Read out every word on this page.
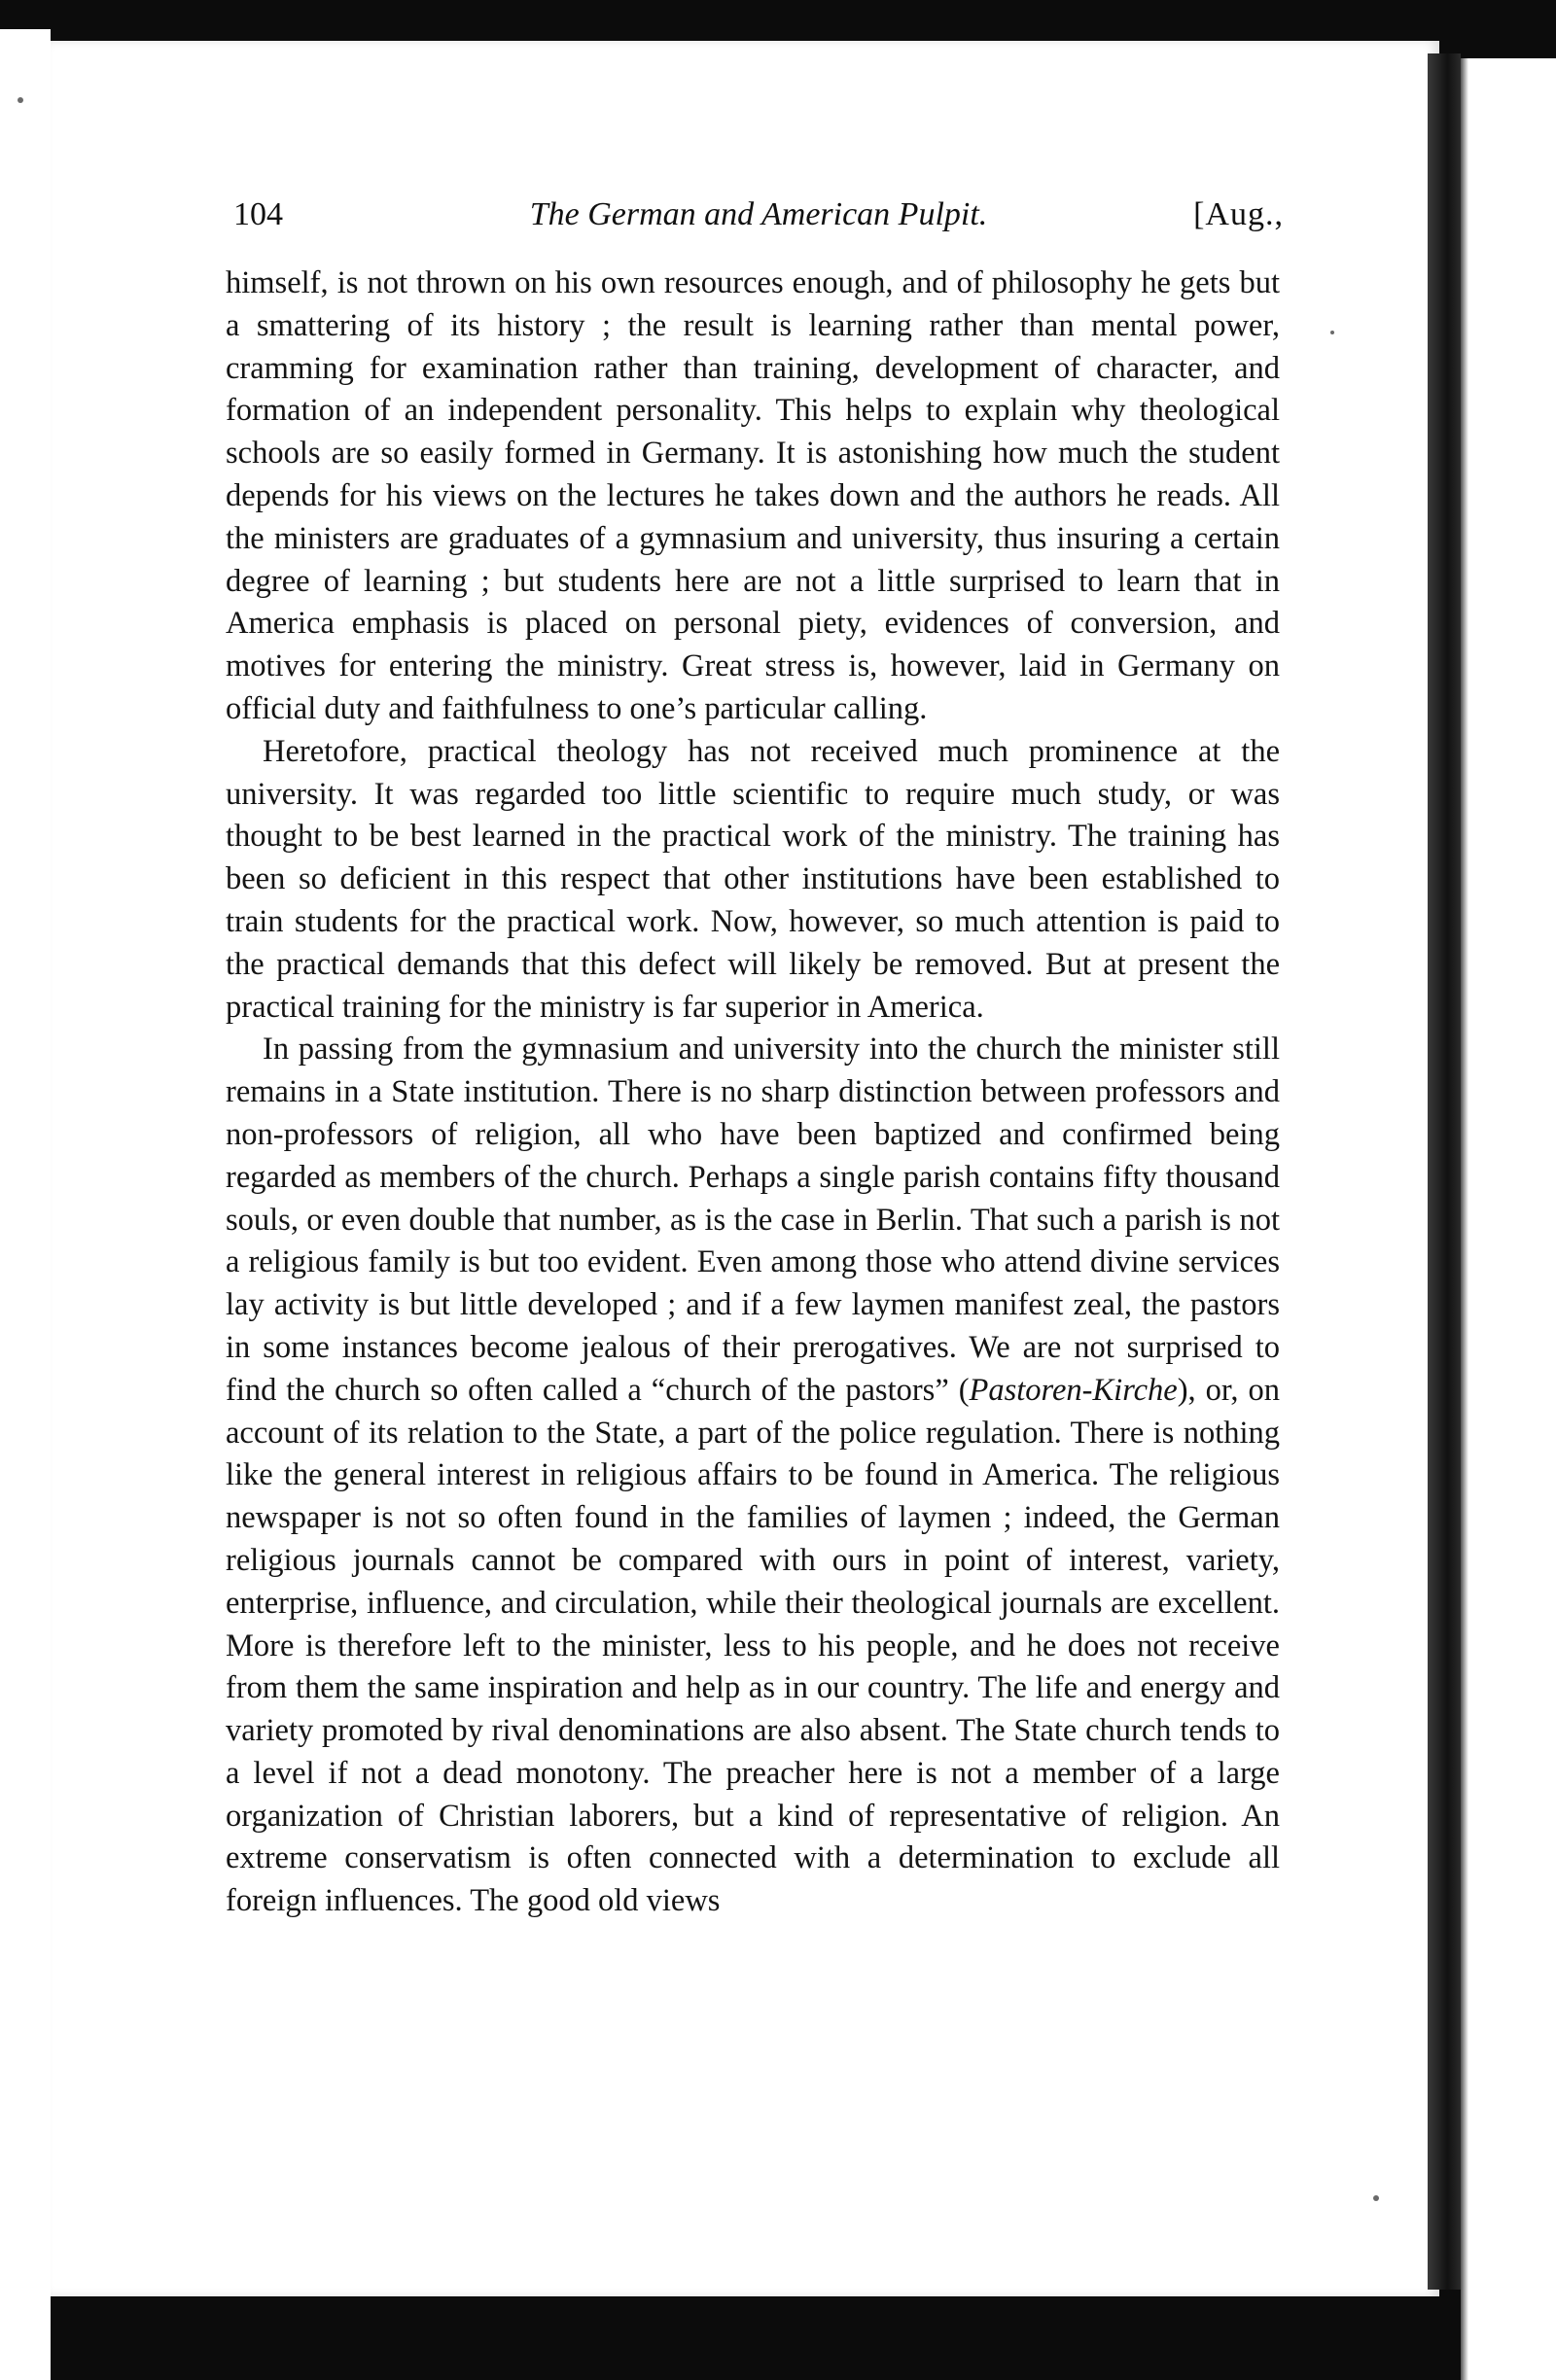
104	The German and American Pulpit.	[Aug.,

himself, is not thrown on his own resources enough, and of philosophy he gets but a smattering of its history ; the result is learning rather than mental power, cramming for examination rather than training, development of character, and formation of an independent personality. This helps to explain why theological schools are so easily formed in Germany. It is astonishing how much the student depends for his views on the lectures he takes down and the authors he reads. All the ministers are graduates of a gymnasium and university, thus insuring a certain degree of learning ; but students here are not a little surprised to learn that in America emphasis is placed on personal piety, evidences of conversion, and motives for entering the ministry. Great stress is, however, laid in Germany on official duty and faithfulness to one’s particular calling.

Heretofore, practical theology has not received much prominence at the university. It was regarded too little scientific to require much study, or was thought to be best learned in the practical work of the ministry. The training has been so deficient in this respect that other institutions have been established to train students for the practical work. Now, however, so much attention is paid to the practical demands that this defect will likely be removed. But at present the practical training for the ministry is far superior in America.

In passing from the gymnasium and university into the church the minister still remains in a State institution. There is no sharp distinction between professors and non-professors of religion, all who have been baptized and confirmed being regarded as members of the church. Perhaps a single parish contains fifty thousand souls, or even double that number, as is the case in Berlin. That such a parish is not a religious family is but too evident. Even among those who attend divine services lay activity is but little developed ; and if a few laymen manifest zeal, the pastors in some instances become jealous of their prerogatives. We are not surprised to find the church so often called a “church of the pastors” (Pastoren-Kirche), or, on account of its relation to the State, a part of the police regulation. There is nothing like the general interest in religious affairs to be found in America. The religious newspaper is not so often found in the families of laymen ; indeed, the German religious journals cannot be compared with ours in point of interest, variety, enterprise, influence, and circulation, while their theological journals are excellent. More is therefore left to the minister, less to his people, and he does not receive from them the same inspiration and help as in our country. The life and energy and variety promoted by rival denominations are also absent. The State church tends to a level if not a dead monotony. The preacher here is not a member of a large organization of Christian laborers, but a kind of representative of religion. An extreme conservatism is often connected with a determination to exclude all foreign influences. The good old views
